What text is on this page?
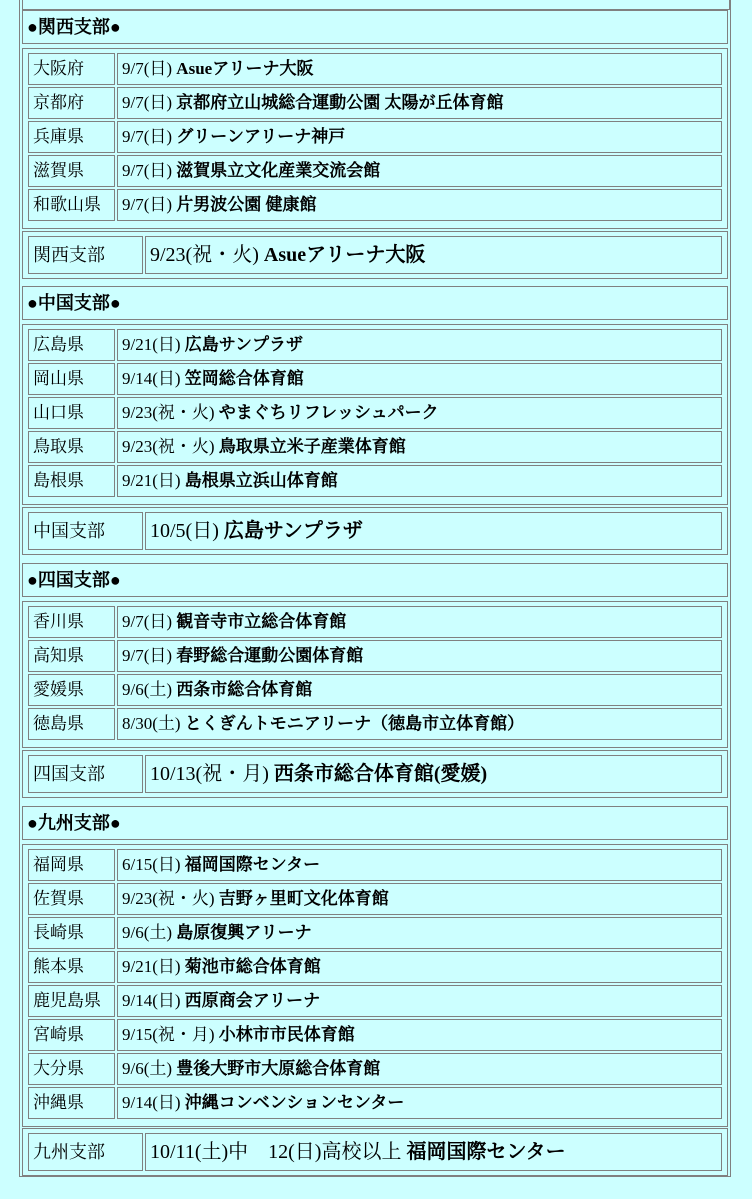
●関西支部●
大阪府	9/7(日) Asueアリーナ大阪
京都府	9/7(日) 京都府立山城総合運動公園 太陽が丘体育館
兵庫県	9/7(日) グリーンアリーナ神戸
滋賀県	9/7(日) 滋賀県立文化産業交流会館
和歌山県	9/7(日) 片男波公園 健康館
関西支部	9/23(祝・火) Asueアリーナ大阪
●中国支部●
広島県	9/21(日) 広島サンプラザ
岡山県	9/14(日) 笠岡総合体育館
山口県	9/23(祝・火) やまぐちリフレッシュパーク
鳥取県	9/23(祝・火) 鳥取県立米子産業体育館
島根県	9/21(日) 島根県立浜山体育館
中国支部	10/5(日) 広島サンプラザ
●四国支部●
香川県	9/7(日) 観音寺市立総合体育館
高知県	9/7(日) 春野総合運動公園体育館
愛媛県	9/6(土) 西条市総合体育館
徳島県	8/30(土) とくぎんトモニアリーナ（徳島市立体育館）
四国支部	10/13(祝・月) 西条市総合体育館(愛媛)
●九州支部●
福岡県	6/15(日) 福岡国際センター
佐賀県	9/23(祝・火) 吉野ヶ里町文化体育館
長崎県	9/6(土) 島原復興アリーナ
熊本県	9/21(日) 菊池市総合体育館
鹿児島県	9/14(日) 西原商会アリーナ
宮崎県	9/15(祝・月) 小林市市民体育館
大分県	9/6(土) 豊後大野市大原総合体育館
沖縄県	9/14(日) 沖縄コンベンションセンター
九州支部	10/11(土)中　12(日)高校以上 福岡国際センター
